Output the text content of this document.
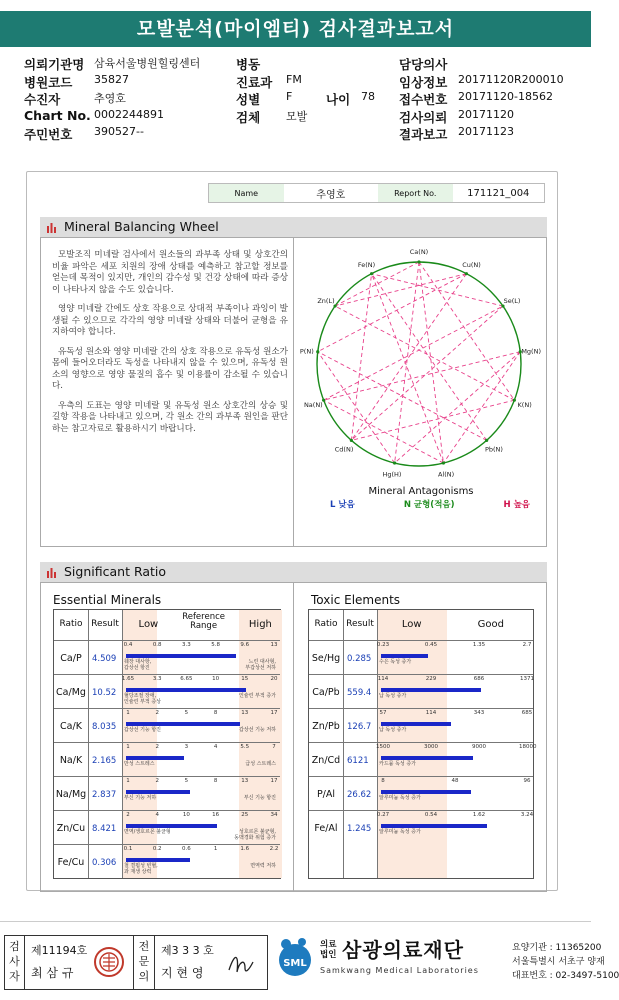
모발분석(마이엠티) 검사결과보고서
의뢰기관명 삼육서울병원힐링센터	병동	담당의사
병원코드 35827	진료과 FM	임상정보 20171120R200010
수진자	추영호	성별 F	나이 78 접수번호 20171120-18562
Chart No. 0002244891	검체 모발	검사의뢰 20171120
주민번호 390527--	결과보고 20171123
Name	추영호	Report No.	171121_004
Mineral Balancing Wheel

모발조직 미네랄 검사에서 원소들의 과부족 상태 및 상호간의 비율 파악은 세포 치원의 장애 상태를 예측하고 참고할 정보를 얻는데 목적이 있지만, 개인의 감수성 및 건강 상태에 따라 증상이 나타나지 않을 수도 있습니다.

영양 미네랄 간에도 상호 작용으로 상대적 부족이나 과잉이 발생될 수 있으므로 각각의 영양 미네랄 상태와 더불어 균형을 유지하여야 합니다.

유독성 원소와 영양 미네랄 간의 상호 작용으로 유독성 원소가 몸에 들어오더라도 독성을 나타내지 않을 수 있으며, 유독성 원소의 영향으로 영양 물질의 흡수 및 이용률이 감소될 수 있습니다.

우측의 도표는 영양 미네랄 및 유독성 원소 상호간의 상승 및 길항 작용을 나타내고 있으며, 각 원소 간의 과부족 원인을 판단하는 참고자료로 활용하시기 바랍니다.

Ca(N)
Cu(N)
Se(L)
Mg(N)
K(N)
Pb(N)
Al(N)
Hg(H)
Cd(N)
Na(N)
P(N)
Zn(L)
Fe(N)
Mineral Antagonisms
L 낮음	N 균형(적음)	H 높음
Significant Ratio
Essential Minerals	Toxic Elements
Ratio Result	Low
Reference Range	High
Ca/P	4.509
0.4	0.8	3.3	5.8	9.6	13
췌장 대사항,
갑상선 항진
느린 대사형,
부갑상선 저하
Ca/Mg 10.52
1.65	3.3	6.65	10	15	20
혈당조절 장애,
인슐린 부적 증상
인슐린 부적 증가
Ca/K	8.035
1	2	5	8	13	17
갑상선 기능 항진	갑상선 기능 저하
Na/K	2.165
1	2	3	4	5.5	7
만성 스트레스	급성 스트레스
Na/Mg 2.837
1	2	5	8	13	17
부신 기능 저하	부신 기능 항진
Zn/Cu 8.421
2	4	10	16	25	34
면역/생호르몬 불균형	성호르몬 불균형,
동맥경화 위험 증가
Fe/Cu 0.306
0.1	0.2	0.6	1	1.6	2.2
철 결핍성 빈혈,
과 재생 상력
면역력 저하
Ratio Result	Low	Good
Se/Hg 0.285
0.23	0.45	1.35	2.7
수은 독성 증가
Ca/Pb 559.4
114	229	686	1371
납 독성 증가
Zn/Pb 126.7
57	114	343	685
납 독성 증가
Zn/Cd 6121
1500	3000	9000	18000
카드뮴 독성 증가
P/Al	26.62
8	48	96
알루미늄 독성 증가
Fe/Al	1.245
0.27	0.54	1.62	3.24
알루미늄 독성 증가
검사자
제11194호
최 삼 규
전문의
제3 3 3 호
지 현 영
SML
의료
법인 삼광의료재단
Samkwang Medical Laboratories
요양기관 : 11365200
서울특별시 서초구 양재
대표번호 : 02-3497-5100
